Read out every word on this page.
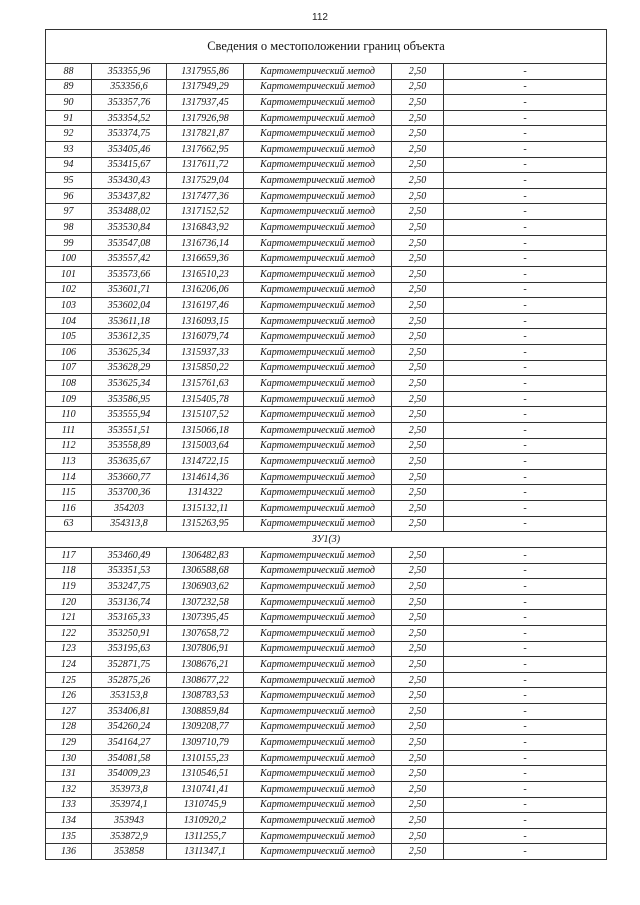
112
Сведения о местоположении границ объекта					
88	353355,96	1317955,86	Картометрический метод	2,50	-
89	353356,6	1317949,29	Картометрический метод	2,50	-
90	353357,76	1317937,45	Картометрический метод	2,50	-
91	353354,52	1317926,98	Картометрический метод	2,50	-
92	353374,75	1317821,87	Картометрический метод	2,50	-
93	353405,46	1317662,95	Картометрический метод	2,50	-
94	353415,67	1317611,72	Картометрический метод	2,50	-
95	353430,43	1317529,04	Картометрический метод	2,50	-
96	353437,82	1317477,36	Картометрический метод	2,50	-
97	353488,02	1317152,52	Картометрический метод	2,50	-
98	353530,84	1316843,92	Картометрический метод	2,50	-
99	353547,08	1316736,14	Картометрический метод	2,50	-
100	353557,42	1316659,36	Картометрический метод	2,50	-
101	353573,66	1316510,23	Картометрический метод	2,50	-
102	353601,71	1316206,06	Картометрический метод	2,50	-
103	353602,04	1316197,46	Картометрический метод	2,50	-
104	353611,18	1316093,15	Картометрический метод	2,50	-
105	353612,35	1316079,74	Картометрический метод	2,50	-
106	353625,34	1315937,33	Картометрический метод	2,50	-
107	353628,29	1315850,22	Картометрический метод	2,50	-
108	353625,34	1315761,63	Картометрический метод	2,50	-
109	353586,95	1315405,78	Картометрический метод	2,50	-
110	353555,94	1315107,52	Картометрический метод	2,50	-
111	353551,51	1315066,18	Картометрический метод	2,50	-
112	353558,89	1315003,64	Картометрический метод	2,50	-
113	353635,67	1314722,15	Картометрический метод	2,50	-
114	353660,77	1314614,36	Картометрический метод	2,50	-
115	353700,36	1314322	Картометрический метод	2,50	-
116	354203	1315132,11	Картометрический метод	2,50	-
63	354313,8	1315263,95	Картометрический метод	2,50	-
ЗУ1(3)					
117	353460,49	1306482,83	Картометрический метод	2,50	-
118	353351,53	1306588,68	Картометрический метод	2,50	-
119	353247,75	1306903,62	Картометрический метод	2,50	-
120	353136,74	1307232,58	Картометрический метод	2,50	-
121	353165,33	1307395,45	Картометрический метод	2,50	-
122	353250,91	1307658,72	Картометрический метод	2,50	-
123	353195,63	1307806,91	Картометрический метод	2,50	-
124	352871,75	1308676,21	Картометрический метод	2,50	-
125	352875,26	1308677,22	Картометрический метод	2,50	-
126	353153,8	1308783,53	Картометрический метод	2,50	-
127	353406,81	1308859,84	Картометрический метод	2,50	-
128	354260,24	1309208,77	Картометрический метод	2,50	-
129	354164,27	1309710,79	Картометрический метод	2,50	-
130	354081,58	1310155,23	Картометрический метод	2,50	-
131	354009,23	1310546,51	Картометрический метод	2,50	-
132	353973,8	1310741,41	Картометрический метод	2,50	-
133	353974,1	1310745,9	Картометрический метод	2,50	-
134	353943	1310920,2	Картометрический метод	2,50	-
135	353872,9	1311255,7	Картометрический метод	2,50	-
136	353858	1311347,1	Картометрический метод	2,50	-
